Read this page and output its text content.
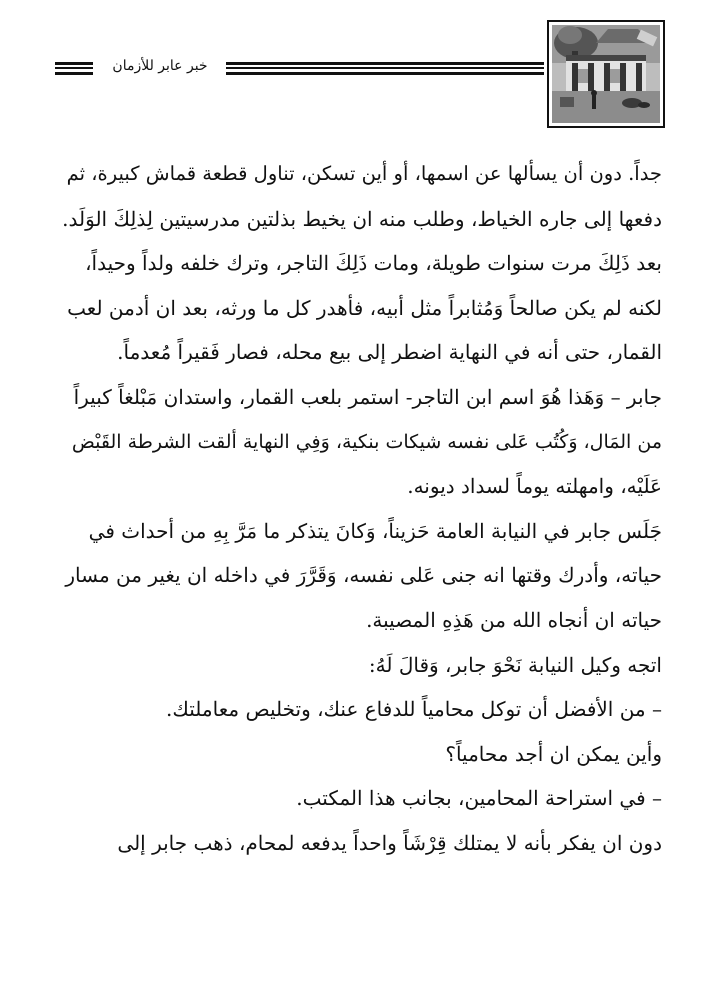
خبر عابر للأزمان
جداً. دون أن يسألها عن اسمها، أو أين تسكن، تناول قطعة قماش كبيرة، ثم
دفعها إلى جاره الخياط، وطلب منه ان يخيط بذلتين مدرسيتين لِذلِكَ الوَلَد.
بعد ذَلِكَ مرت سنوات طويلة، ومات ذَلِكَ التاجر، وترك خلفه ولداً وحيداً،
لكنه لم يكن صالحاً وَمُثابراً مثل أبيه، فأهدر كل ما ورثه، بعد ان أدمن لعب
القمار، حتى أنه في النهاية اضطر إلى بيع محله، فصار فَقيراً مُعدماً.
جابر – وَهَذا هُوَ اسم ابن التاجر- استمر بلعب القمار، واستدان مَبْلغاً كبيراً
من المَال، وَكُتُب عَلى نفسه شيكات بنكية، وَفِي النهاية ألقت الشرطة القَبْض
عَلَيْه، وامهلته يوماً لسداد ديونه.
جَلَس جابر في النيابة العامة حَزيناً، وَكانَ يتذكر ما مَرَّ بِهِ من أحداث في
حياته، وأدرك وقتها انه جنى عَلى نفسه، وَقَرَّرَ في داخله ان يغير من مسار
حياته ان أنجاه الله من هَذِهِ المصيبة.
اتجه وكيل النيابة نَحْوَ جابر، وَقالَ لَهُ:
– من الأفضل أن توكل محامياً للدفاع عنك، وتخليص معاملتك.
وأين يمكن ان أجد محامياً؟
– في استراحة المحامين، بجانب هذا المكتب.
دون ان يفكر بأنه لا يمتلك قِرْشَاً واحداً يدفعه لمحام، ذهب جابر إلى
